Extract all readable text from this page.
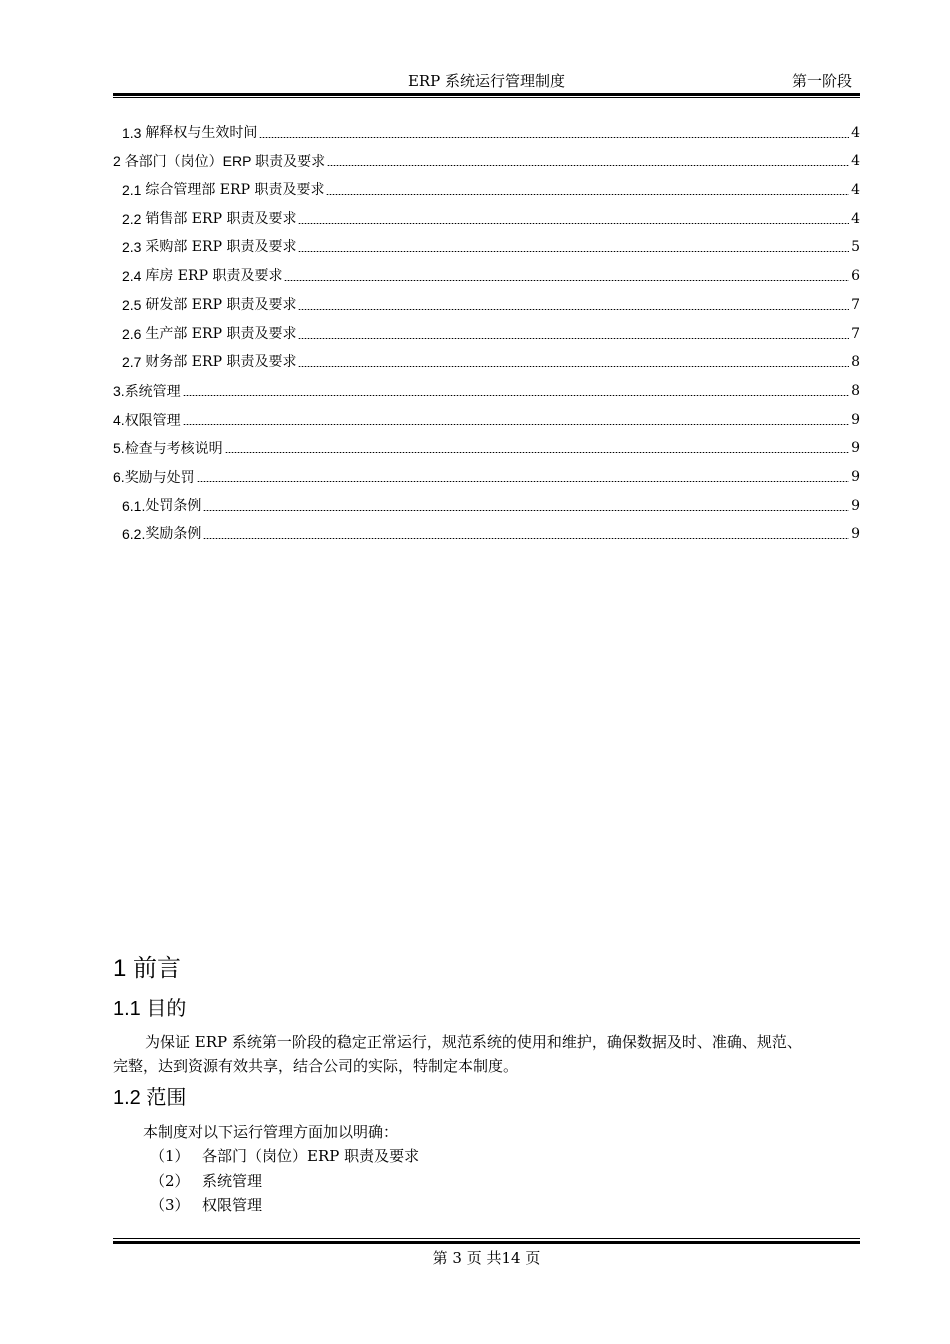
ERP 系统运行管理制度	第一阶段
1.3 解释权与生效时间	4
2 各部门（岗位）ERP 职责及要求	4
2.1 综合管理部 ERP 职责及要求	4
2.2 销售部 ERP 职责及要求	4
2.3 采购部 ERP 职责及要求	5
2.4 库房 ERP 职责及要求	6
2.5 研发部 ERP 职责及要求	7
2.6 生产部 ERP 职责及要求	7
2.7 财务部 ERP 职责及要求	8
3. 系统管理	8
4. 权限管理	9
5. 检查与考核说明	9
6. 奖励与处罚	9
6.1. 处罚条例	9
6.2. 奖励条例	9
1 前言
1.1 目的

为保证 ERP 系统第一阶段的稳定正常运行，规范系统的使用和维护，确保数据及时、准确、规范、

完整，达到资源有效共享，结合公司的实际，特制定本制度。

1.2 范围
本制度对以下运行管理方面加以明确：
（1） 各部门（岗位）ERP 职责及要求
（2） 系统管理
（3） 权限管理
第 3 页 共14 页
